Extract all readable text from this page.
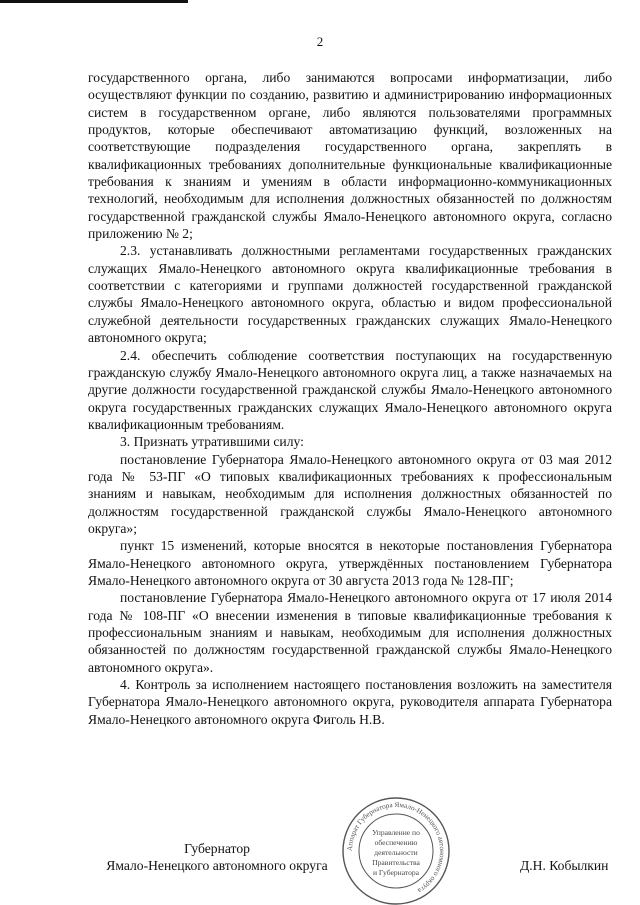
2

государственного органа, либо занимаются вопросами информатизации, либо осуществляют функции по созданию, развитию и администрированию информационных систем в государственном органе, либо являются пользователями программных продуктов, которые обеспечивают автоматизацию функций, возложенных на соответствующие подразделения государственного органа, закреплять в квалификационных требованиях дополнительные функциональные квалификационные требования к знаниям и умениям в области информационно-коммуникационных технологий, необходимым для исполнения должностных обязанностей по должностям государственной гражданской службы Ямало-Ненецкого автономного округа, согласно приложению № 2;

2.3. устанавливать должностными регламентами государственных гражданских служащих Ямало-Ненецкого автономного округа квалификационные требования в соответствии с категориями и группами должностей государственной гражданской службы Ямало-Ненецкого автономного округа, областью и видом профессиональной служебной деятельности государственных гражданских служащих Ямало-Ненецкого автономного округа;

2.4. обеспечить соблюдение соответствия поступающих на государственную гражданскую службу Ямало-Ненецкого автономного округа лиц, а также назначаемых на другие должности государственной гражданской службы Ямало-Ненецкого автономного округа государственных гражданских служащих Ямало-Ненецкого автономного округа квалификационным требованиям.

3. Признать утратившими силу:

постановление Губернатора Ямало-Ненецкого автономного округа от 03 мая 2012 года № 53-ПГ «О типовых квалификационных требованиях к профессиональным знаниям и навыкам, необходимым для исполнения должностных обязанностей по должностям государственной гражданской службы Ямало-Ненецкого автономного округа»;

пункт 15 изменений, которые вносятся в некоторые постановления Губернатора Ямало-Ненецкого автономного округа, утверждённых постановлением Губернатора Ямало-Ненецкого автономного округа от 30 августа 2013 года № 128-ПГ;

постановление Губернатора Ямало-Ненецкого автономного округа от 17 июля 2014 года № 108-ПГ «О внесении изменения в типовые квалификационные требования к профессиональным знаниям и навыкам, необходимым для исполнения должностных обязанностей по должностям государственной гражданской службы Ямало-Ненецкого автономного округа».

4. Контроль за исполнением настоящего постановления возложить на заместителя Губернатора Ямало-Ненецкого автономного округа, руководителя аппарата Губернатора Ямало-Ненецкого автономного округа Фиголь Н.В.

Губернатор
Ямало-Ненецкого автономного округа
Аппарат Губернатора Ямало-Ненецкого автономного округа
Управление по
обеспечению
деятельности
Правительства
и Губернатора	Д.Н. Кобылкин
